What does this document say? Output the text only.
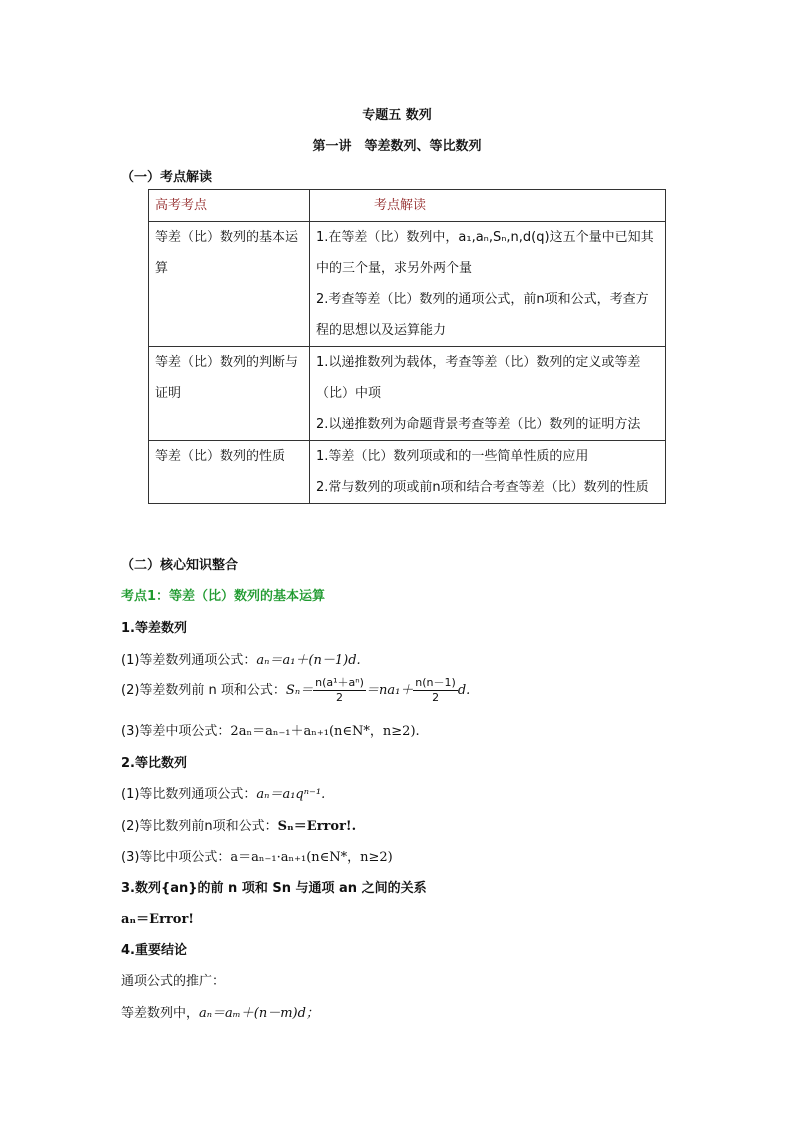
专题五 数列
第一讲　等差数列、等比数列
（一）考点解读
高考考点	考点解读
等差（比）数列的基本运算	1.在等差（比）数列中，a₁,aₙ,Sₙ,n,d(q)这五个量中已知其中的三个量，求另外两个量

2.考查等差（比）数列的通项公式，前n项和公式，考查方程的思想以及运算能力

等差（比）数列的判断与证明	1.以递推数列为载体，考查等差（比）数列的定义或等差（比）中项

2.以递推数列为命题背景考查等差（比）数列的证明方法

等差（比）数列的性质	1.等差（比）数列项或和的一些简单性质的应用

2.常与数列的项或前n项和结合考查等差（比）数列的性质

（二）核心知识整合
考点1：等差（比）数列的基本运算
1.等差数列
(1)等差数列通项公式：aₙ＝a₁＋(n－1)d.
(2)等差数列前 n 项和公式：$S_n= \frac{\text{n(a¹＋aⁿ)}}{2} =na_1+ \frac{n(n-1)}{2} d$.
(3)等差中项公式：2aₙ＝aₙ₋₁＋aₙ₊₁(n∈N*，n≥2).
2.等比数列
(1)等比数列通项公式：aₙ＝a₁qⁿ⁻¹.
(2)等比数列前n项和公式：Sₙ＝Error!.
(3)等比中项公式：a＝aₙ₋₁·aₙ₊₁(n∈N*，n≥2)
3.数列{an}的前 n 项和 Sn 与通项 an 之间的关系
aₙ＝Error!
4.重要结论
通项公式的推广：
等差数列中，aₙ＝aₘ＋(n－m)d；
